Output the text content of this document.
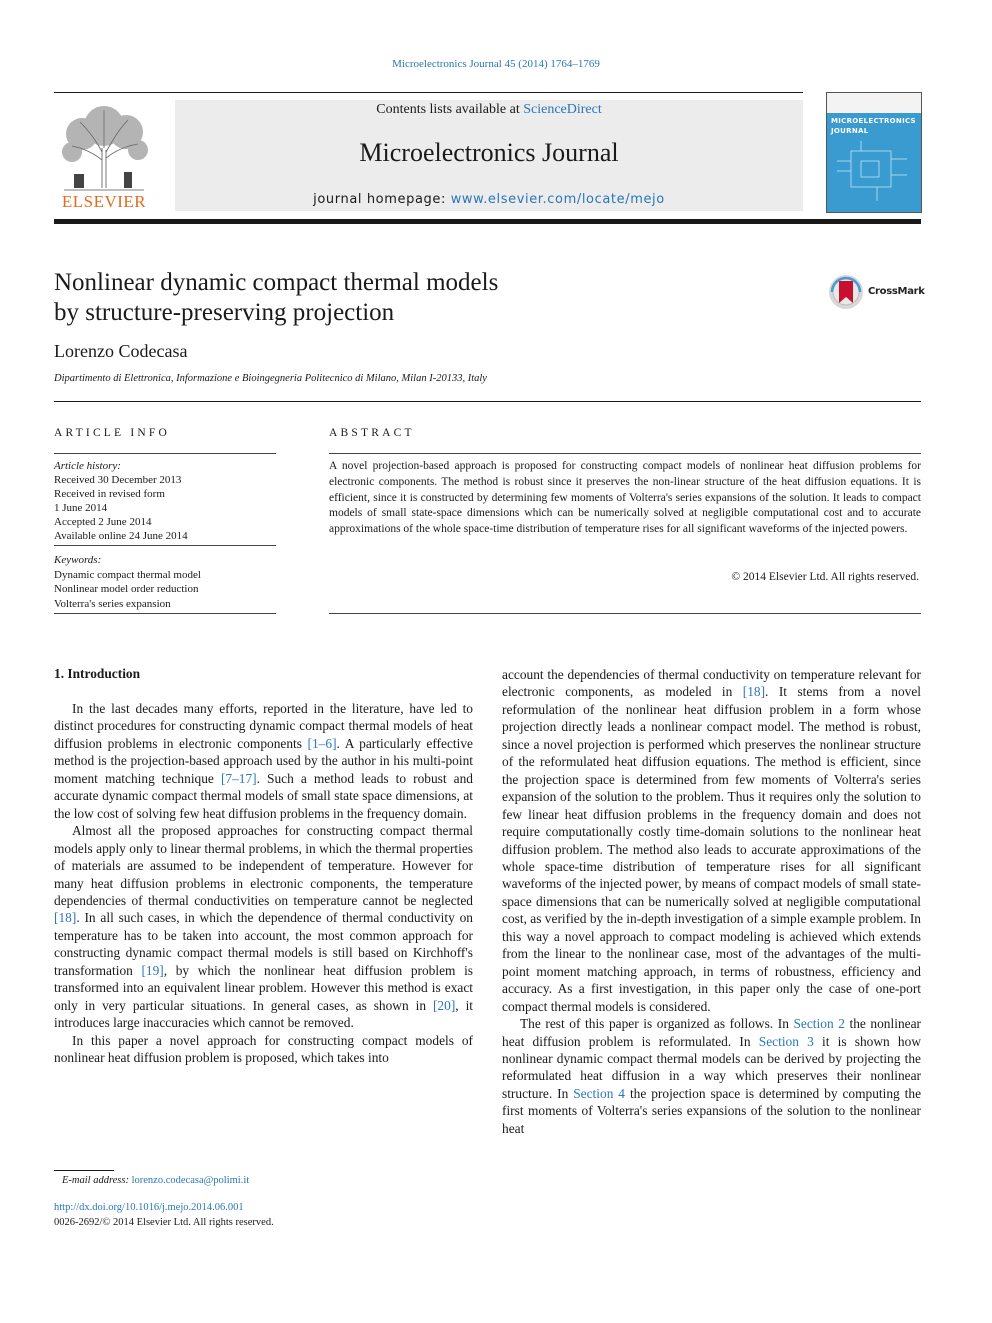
Microelectronics Journal 45 (2014) 1764–1769
ELSEVIER
Contents lists available at ScienceDirect
Microelectronics Journal
journal homepage: www.elsevier.com/locate/mejo
MICROELECTRONICS JOURNAL
Nonlinear dynamic compact thermal models
by structure-preserving projection
CrossMark
Lorenzo Codecasa
Dipartimento di Elettronica, Informazione e Bioingegneria Politecnico di Milano, Milan I-20133, Italy
ARTICLE INFO	ABSTRACT
Article history:
Received 30 December 2013
Received in revised form
1 June 2014
Accepted 2 June 2014
Available online 24 June 2014
Keywords:
Dynamic compact thermal model
Nonlinear model order reduction
Volterra's series expansion
A novel projection-based approach is proposed for constructing compact models of nonlinear heat diffusion problems for electronic components. The method is robust since it preserves the non-linear structure of the heat diffusion equations. It is efficient, since it is constructed by determining few moments of Volterra's series expansions of the solution. It leads to compact models of small state-space dimensions which can be numerically solved at negligible computational cost and to accurate approximations of the whole space-time distribution of temperature rises for all significant waveforms of the injected powers.
© 2014 Elsevier Ltd. All rights reserved.
1. Introduction

In the last decades many efforts, reported in the literature, have led to distinct procedures for constructing dynamic compact thermal models of heat diffusion problems in electronic components [1–6]. A particularly effective method is the projection-based approach used by the author in his multi-point moment matching technique [7–17]. Such a method leads to robust and accurate dynamic compact thermal models of small state space dimensions, at the low cost of solving few heat diffusion problems in the frequency domain.

Almost all the proposed approaches for constructing compact thermal models apply only to linear thermal problems, in which the thermal properties of materials are assumed to be independent of temperature. However for many heat diffusion problems in electronic components, the temperature dependencies of thermal conductivities on temperature cannot be neglected [18]. In all such cases, in which the dependence of thermal conductivity on temperature has to be taken into account, the most common approach for constructing dynamic compact thermal models is still based on Kirchhoff's transformation [19], by which the nonlinear heat diffusion problem is transformed into an equivalent linear problem. However this method is exact only in very particular situations. In general cases, as shown in [20], it introduces large inaccuracies which cannot be removed.

In this paper a novel approach for constructing compact models of nonlinear heat diffusion problem is proposed, which takes into

account the dependencies of thermal conductivity on temperature relevant for electronic components, as modeled in [18]. It stems from a novel reformulation of the nonlinear heat diffusion problem in a form whose projection directly leads a nonlinear compact model. The method is robust, since a novel projection is performed which preserves the nonlinear structure of the reformulated heat diffusion equations. The method is efficient, since the projection space is determined from few moments of Volterra's series expansion of the solution to the problem. Thus it requires only the solution to few linear heat diffusion problems in the frequency domain and does not require computationally costly time-domain solutions to the nonlinear heat diffusion problem. The method also leads to accurate approximations of the whole space-time distribution of temperature rises for all significant waveforms of the injected power, by means of compact models of small state-space dimensions that can be numerically solved at negligible computational cost, as verified by the in-depth investigation of a simple example problem. In this way a novel approach to compact modeling is achieved which extends from the linear to the nonlinear case, most of the advantages of the multi-point moment matching approach, in terms of robustness, efficiency and accuracy. As a first investigation, in this paper only the case of one-port compact thermal models is considered.

The rest of this paper is organized as follows. In Section 2 the nonlinear heat diffusion problem is reformulated. In Section 3 it is shown how nonlinear dynamic compact thermal models can be derived by projecting the reformulated heat diffusion in a way which preserves their nonlinear structure. In Section 4 the projection space is determined by computing the first moments of Volterra's series expansions of the solution to the nonlinear heat

E-mail address: lorenzo.codecasa@polimi.it
http://dx.doi.org/10.1016/j.mejo.2014.06.001
0026-2692/© 2014 Elsevier Ltd. All rights reserved.
